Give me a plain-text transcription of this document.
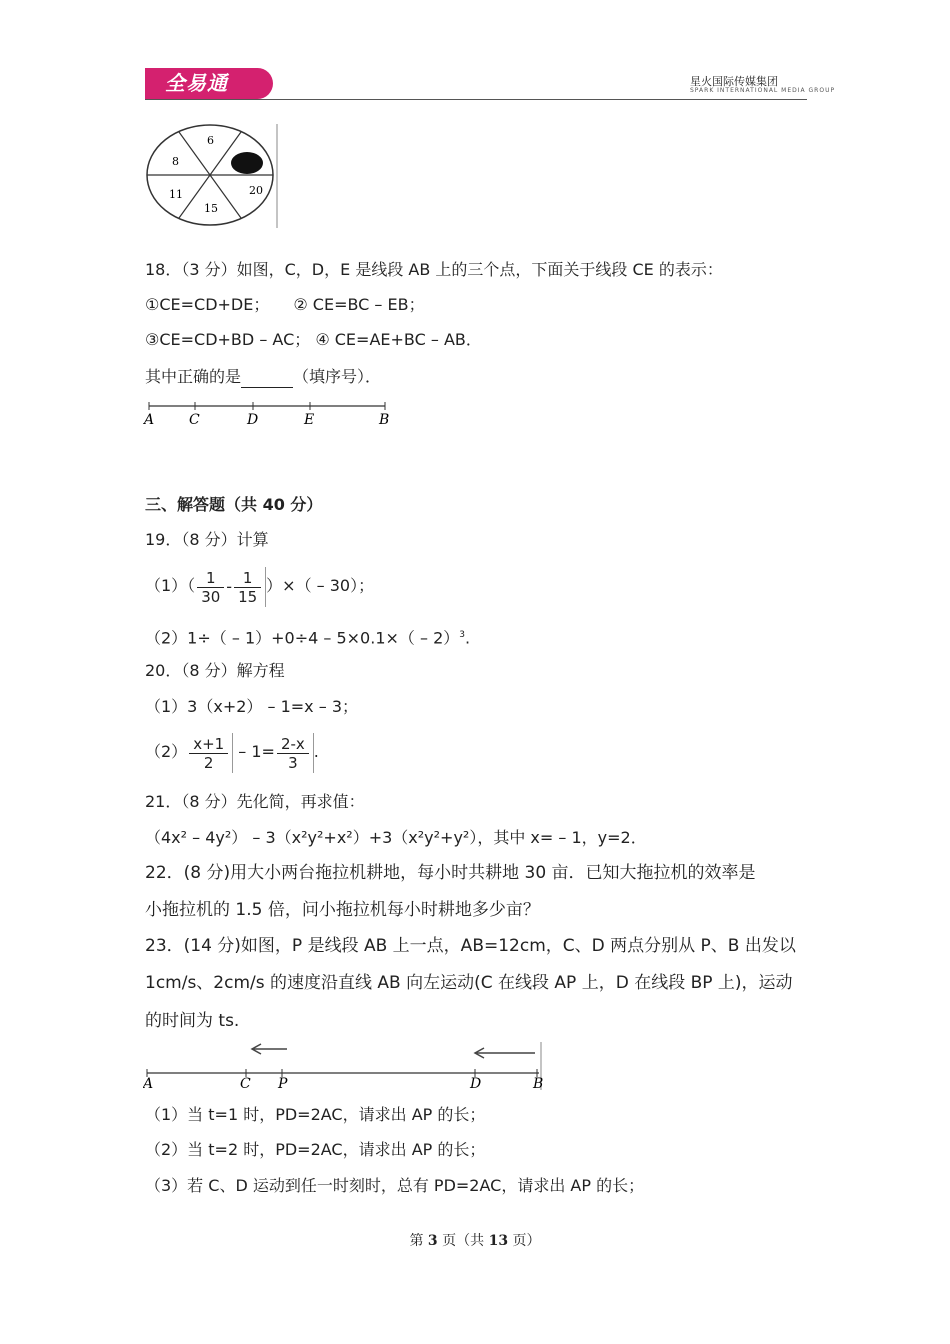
全易通	星火国际传媒集团
SPARK INTERNATIONAL MEDIA GROUP
6
8
11
15
20
18．（3 分）如图，C，D，E 是线段 AB 上的三个点，下面关于线段 CE 的表示：
①CE=CD+DE；　　② CE=BC – EB；
③CE=CD+BD – AC； ④ CE=AE+BC – AB．
其中正确的是	（填序号）．
A C	D	E	B
三、解答题（共 40 分）
19．（8 分）计算
$(1)( \frac{1}{30} - \frac{1}{15}$ ）×（ – 30）；
（2）1÷（ – 1）+0÷4 – 5×0.1×（ – 2）$^3$.
20．（8 分）解方程
（1）3（x+2） – 1=x – 3；
$(2) \frac{x+1}{2} - 1= \frac{2-x}{3}$ .
21．（8 分）先化简，再求值：
（4x² – 4y²） – 3（x²y²+x²）+3（x²y²+y²），其中 x= – 1，y=2．
22．(8 分)用大小两台拖拉机耕地，每小时共耕地 30 亩．已知大拖拉机的效率是
小拖拉机的 1.5 倍，问小拖拉机每小时耕地多少亩？
23．(14 分)如图，P 是线段 AB 上一点，AB=12cm，C、D 两点分别从 P、B 出发以
1cm/s、2cm/s 的速度沿直线 AB 向左运动(C 在线段 AP 上，D 在线段 BP 上)，运动
的时间为 ts.
A	C P	D	B
（1）当 t=1 时，PD=2AC，请求出 AP 的长；
（2）当 t=2 时，PD=2AC，请求出 AP 的长；
（3）若 C、D 运动到任一时刻时，总有 PD=2AC，请求出 AP 的长；
第 3 页（共 13 页）
